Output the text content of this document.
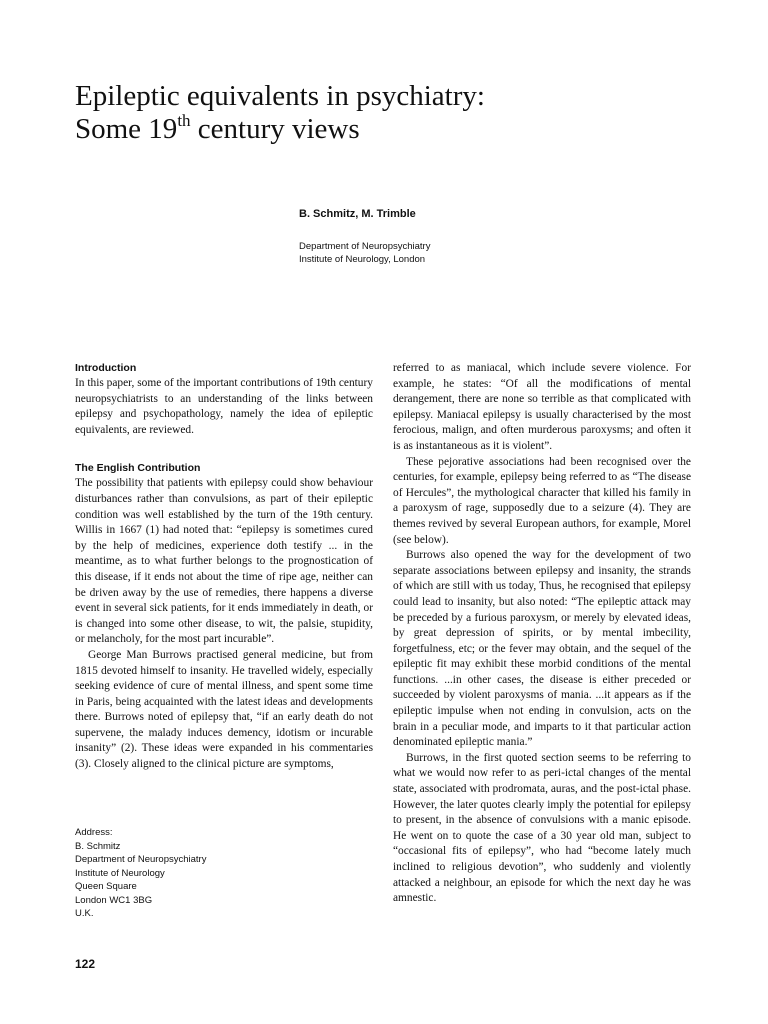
Epileptic equivalents in psychiatry:
Some 19th century views
B. Schmitz, M. Trimble
Department of Neuropsychiatry
Institute of Neurology, London
Introduction

In this paper, some of the important contributions of 19th century neuropsychiatrists to an understanding of the links between epilepsy and psychopathology, namely the idea of epileptic equivalents, are reviewed.

The English Contribution

The possibility that patients with epilepsy could show behaviour disturbances rather than convulsions, as part of their epileptic condition was well established by the turn of the 19th century. Willis in 1667 (1) had noted that: “epilepsy is sometimes cured by the help of medicines, experience doth testify ... in the meantime, as to what further belongs to the prognostication of this disease, if it ends not about the time of ripe age, neither can be driven away by the use of remedies, there happens a diverse event in several sick patients, for it ends immediately in death, or is changed into some other disease, to wit, the palsie, stupidity, or melancholy, for the most part incurable”.

George Man Burrows practised general medicine, but from 1815 devoted himself to insanity. He travelled widely, especially seeking evidence of cure of mental illness, and spent some time in Paris, being acquainted with the latest ideas and developments there. Burrows noted of epilepsy that, “if an early death do not supervene, the malady induces demency, idotism or incurable insanity” (2). These ideas were expanded in his commentaries (3). Closely aligned to the clinical picture are symptoms,

referred to as maniacal, which include severe violence. For example, he states: “Of all the modifications of mental derangement, there are none so terrible as that complicated with epilepsy. Maniacal epilepsy is usually characterised by the most ferocious, malign, and often murderous paroxysms; and often it is as instantaneous as it is violent”.

These pejorative associations had been recognised over the centuries, for example, epilepsy being referred to as “The disease of Hercules”, the mythological character that killed his family in a paroxysm of rage, supposedly due to a seizure (4). They are themes revived by several European authors, for example, Morel (see below).

Burrows also opened the way for the development of two separate associations between epilepsy and insanity, the strands of which are still with us today, Thus, he recognised that epilepsy could lead to insanity, but also noted: “The epileptic attack may be preceded by a furious paroxysm, or merely by elevated ideas, by great depression of spirits, or by mental imbecility, forgetfulness, etc; or the fever may obtain, and the sequel of the epileptic fit may exhibit these morbid conditions of the mental functions. ...in other cases, the disease is either preceded or succeeded by violent paroxysms of mania. ...it appears as if the epileptic impulse when not ending in convulsion, acts on the brain in a peculiar mode, and imparts to it that particular action denominated epileptic mania.”

Burrows, in the first quoted section seems to be referring to what we would now refer to as peri-ictal changes of the mental state, associated with prodromata, auras, and the post-ictal phase. However, the later quotes clearly imply the potential for epilepsy to present, in the absence of convulsions with a manic episode. He went on to quote the case of a 30 year old man, subject to “occasional fits of epilepsy”, who had “become lately much inclined to religious devotion”, who suddenly and violently attacked a neighbour, an episode for which the next day he was amnestic.

Address:
B. Schmitz
Department of Neuropsychiatry
Institute of Neurology
Queen Square
London WC1 3BG
U.K.
122
